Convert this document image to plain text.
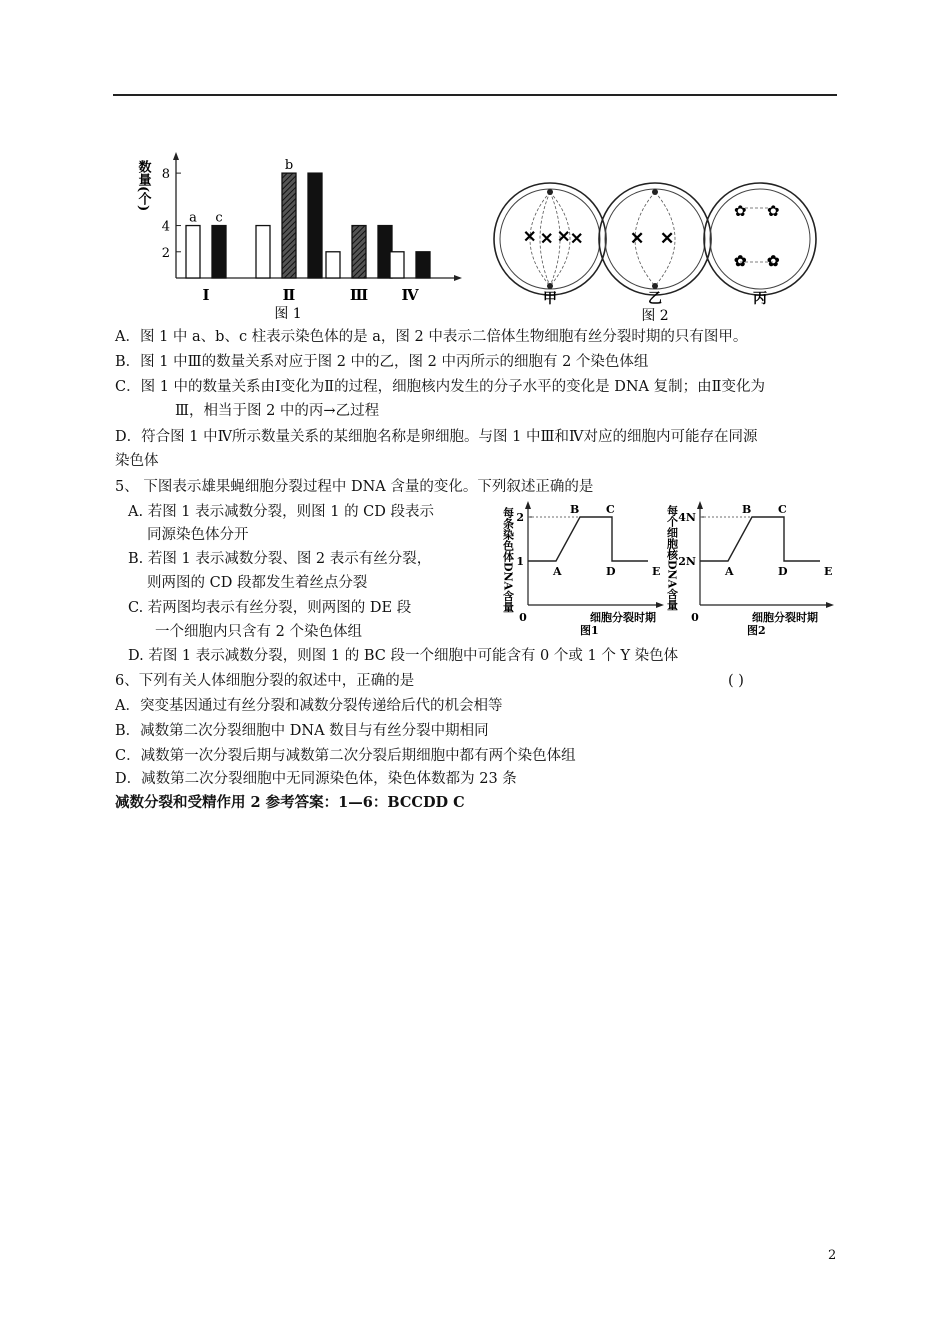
数量(个)
2
4
8
Ⅰ	Ⅱ	Ⅲ Ⅳ
a
b
c
图 1
✕ ✕ ✕ ✕	✕ ✕
✿ ✿
✿ ✿
甲	乙	丙
图 2
A．图 1 中 a、b、c 柱表示染色体的是 a，图 2 中表示二倍体生物细胞有丝分裂时期的只有图甲。
B．图 1 中Ⅲ的数量关系对应于图 2 中的乙，图 2 中丙所示的细胞有 2 个染色体组
C．图 1 中的数量关系由Ⅰ变化为Ⅱ的过程，细胞核内发生的分子水平的变化是 DNA 复制；由Ⅱ变化为
Ⅲ，相当于图 2 中的丙→乙过程
D．符合图 1 中Ⅳ所示数量关系的某细胞名称是卵细胞。与图 1 中Ⅲ和Ⅳ对应的细胞内可能存在同源
染色体
5、 下图表示雄果蝇细胞分裂过程中 DNA 含量的变化。下列叙述正确的是
A. 若图 1 表示减数分裂，则图 1 的 CD 段表示
同源染色体分开
B. 若图 1 表示减数分裂、图 2 表示有丝分裂，
则两图的 CD 段都发生着丝点分裂
C. 若两图均表示有丝分裂，则两图的 DE 段
一个细胞内只含有 2 个染色体组
D. 若图 1 表示减数分裂，则图 1 的 BC 段一个细胞中可能含有 0 个或 1 个 Y 染色体
每条染色体DNA含量
0
1
2
A
B C
D	E
细胞分裂时期
图1
每个细胞核DNA含量
0
2N
4N
A
B C
D	E
细胞分裂时期
图2
6、下列有关人体细胞分裂的叙述中，正确的是	( )
A．突变基因通过有丝分裂和减数分裂传递给后代的机会相等
B．减数第二次分裂细胞中 DNA 数目与有丝分裂中期相同
C．减数第一次分裂后期与减数第二次分裂后期细胞中都有两个染色体组
D．减数第二次分裂细胞中无同源染色体，染色体数都为 23 条
减数分裂和受精作用 2 参考答案：1—6：BCCDD C
2
